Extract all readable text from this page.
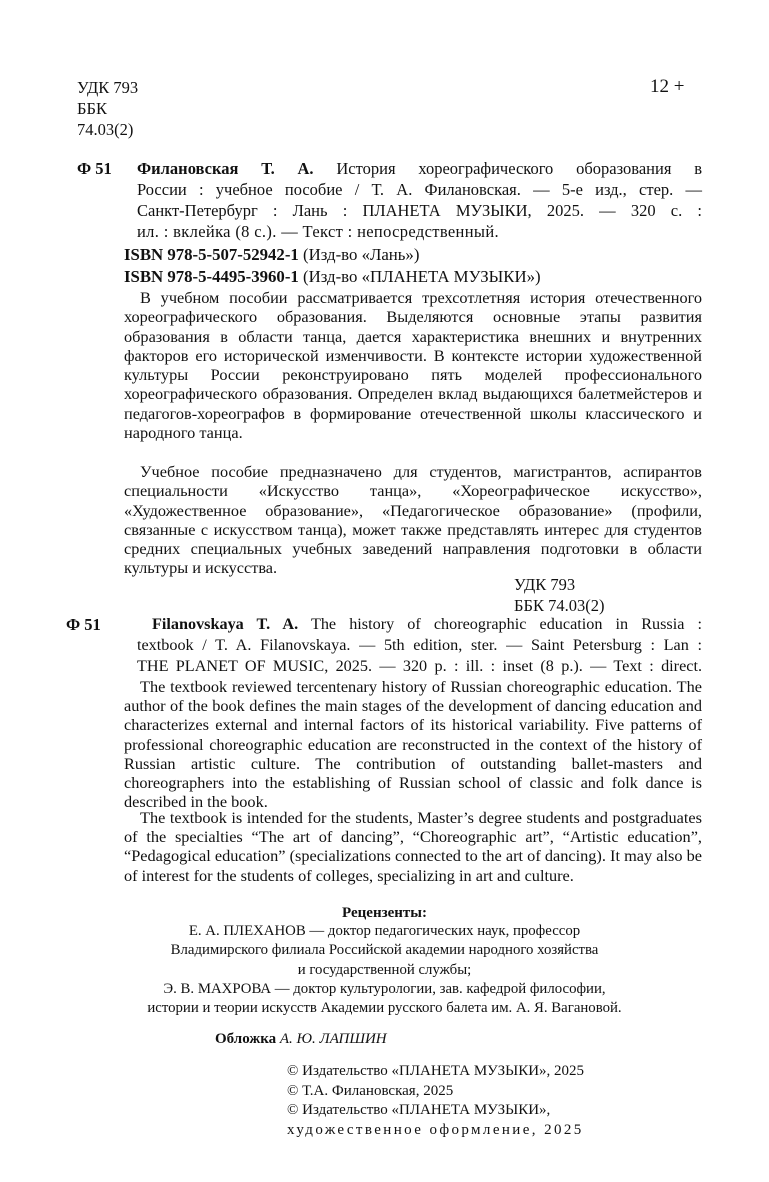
УДК 793
ББК
74.03(2)
12 +
Ф 51 Филановская Т. А. История хореографического оборазования в
России : учебное пособие / Т. А. Филановская. — 5-е изд., стер. —
Санкт-Петербург : Лань : ПЛАНЕТА МУЗЫКИ, 2025. — 320 с. :
ил. : вклейка (8 с.). — Текст : непосредственный.
ISBN 978-5-507-52942-1 (Изд-во «Лань»)
ISBN 978-5-4495-3960-1 (Изд-во «ПЛАНЕТА МУЗЫКИ»)
В учебном пособии рассматривается трехсотлетняя история отечественного хореографического образования. Выделяются основные этапы развития образования в области танца, дается характеристика внешних и внутренних факторов его исторической изменчивости. В контексте истории художественной культуры России реконструировано пять моделей профессионального хореографического образования. Определен вклад выдающихся балетмейстеров и педагогов-хореографов в формирование отечественной школы классического и народного танца.
Учебное пособие предназначено для студентов, магистрантов, аспирантов специальности «Искусство танца», «Хореографическое искусство», «Художественное образование», «Педагогическое образование» (профили, связанные с искусством танца), может также представлять интерес для студентов средних специальных учебных заведений направления подготовки в области культуры и искусства.
УДК 793
ББК 74.03(2)
Ф 51	Filanovskaya T. A. The history of choreographic education in Russia :
textbook / T. A. Filanovskaya. — 5th edition, ster. — Saint Petersburg : Lan :
THE PLANET OF MUSIC, 2025. — 320 p. : ill. : inset (8 p.). — Text : direct.
The textbook reviewed tercentenary history of Russian choreographic education. The author of the book defines the main stages of the development of dancing education and characterizes external and internal factors of its historical variability. Five patterns of professional choreographic education are reconstructed in the context of the history of Russian artistic culture. The contribution of outstanding ballet-masters and choreographers into the establishing of Russian school of classic and folk dance is described in the book.
The textbook is intended for the students, Master’s degree students and postgraduates of the specialties “The art of dancing”, “Choreographic art”, “Artistic education”, “Pedagogical education” (specializations connected to the art of dancing). It may also be of interest for the students of colleges, specializing in art and culture.
Рецензенты:
Е. А. ПЛЕХАНОВ — доктор педагогических наук, профессор
Владимирского филиала Российской академии народного хозяйства
и государственной службы;
Э. В. МАХРОВА — доктор культурологии, зав. кафедрой философии,
истории и теории искусств Академии русского балета им. А. Я. Вагановой.
Обложка А. Ю. ЛАПШИН
© Издательство «ПЛАНЕТА МУЗЫКИ», 2025
© Т.А. Филановская, 2025
© Издательство «ПЛАНЕТА МУЗЫКИ»,
художественное оформление, 2025
